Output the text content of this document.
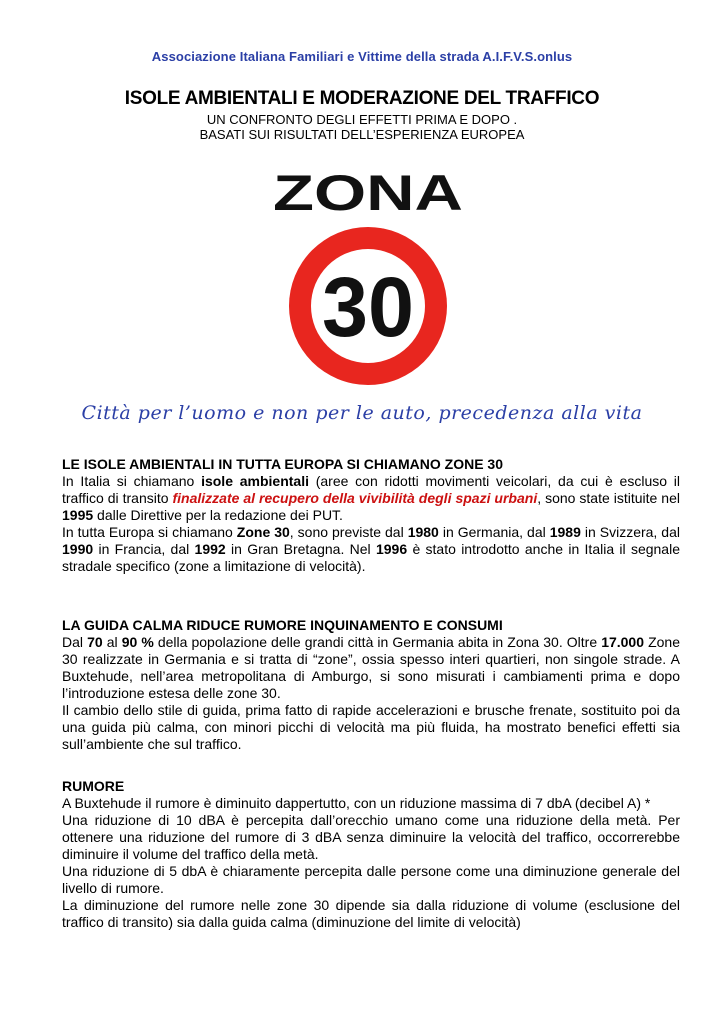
Associazione Italiana Familiari e Vittime della strada A.I.F.V.S.onlus
ISOLE AMBIENTALI E MODERAZIONE DEL TRAFFICO
UN CONFRONTO DEGLI EFFETTI PRIMA E DOPO .
BASATI SUI RISULTATI DELL’ESPERIENZA EUROPEA
ZONA
30
Città per l’uomo e non per le auto, precedenza alla vita
LE ISOLE AMBIENTALI IN TUTTA EUROPA SI CHIAMANO ZONE 30

In Italia si chiamano isole ambientali (aree con ridotti movimenti veicolari, da cui è escluso il traffico di transito finalizzate al recupero della vivibilità degli spazi urbani, sono state istituite nel 1995 dalle Direttive per la redazione dei PUT.

In tutta Europa si chiamano Zone 30, sono previste dal 1980 in Germania, dal 1989 in Svizzera, dal 1990 in Francia, dal 1992 in Gran Bretagna. Nel 1996 è stato introdotto anche in Italia il segnale stradale specifico (zone a limitazione di velocità).

LA GUIDA CALMA RIDUCE RUMORE INQUINAMENTO E CONSUMI

Dal 70 al 90 % della popolazione delle grandi città in Germania abita in Zona 30. Oltre 17.000 Zone 30 realizzate in Germania e si tratta di “zone”, ossia spesso interi quartieri, non singole strade. A Buxtehude, nell’area metropolitana di Amburgo, si sono misurati i cambiamenti prima e dopo l’introduzione estesa delle zone 30.

Il cambio dello stile di guida, prima fatto di rapide accelerazioni e brusche frenate, sostituito poi da una guida più calma, con minori picchi di velocità ma più fluida, ha mostrato benefici effetti sia sull’ambiente che sul traffico.

RUMORE

A Buxtehude il rumore è diminuito dappertutto, con un riduzione massima di 7 dbA (decibel A) *

Una riduzione di 10 dBA è percepita dall’orecchio umano come una riduzione della metà. Per ottenere una riduzione del rumore di 3 dBA senza diminuire la velocità del traffico, occorrerebbe diminuire il volume del traffico della metà.

Una riduzione di 5 dbA è chiaramente percepita dalle persone come una diminuzione generale del livello di rumore.

La diminuzione del rumore nelle zone 30 dipende sia dalla riduzione di volume (esclusione del traffico di transito) sia dalla guida calma (diminuzione del limite di velocità)
